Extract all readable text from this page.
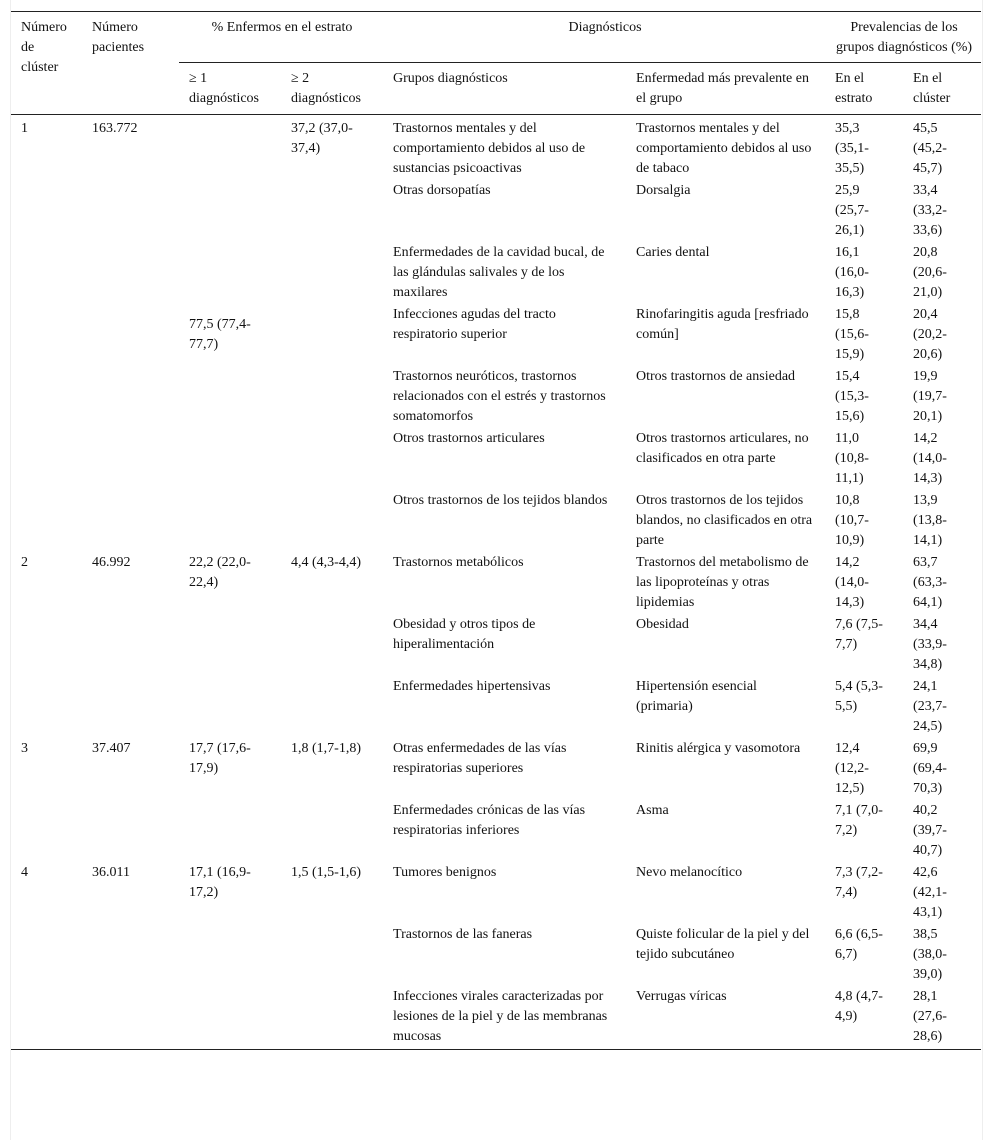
Número de clúster	Número pacientes	% Enfermos en el estrato		Diagnósticos		Prevalencias de los grupos diagnósticos (%)	
		≥ 1 diagnósticos	≥ 2 diagnósticos	Grupos diagnósticos	Enfermedad más prevalente en el grupo	En el estrato	En el clúster
1	163.772	77,5 (77,4-77,7)	37,2 (37,0-37,4)	Trastornos mentales y del comportamiento debidos al uso de sustancias psicoactivas	Trastornos mentales y del comportamiento debidos al uso de tabaco	35,3 (35,1-35,5)	45,5 (45,2-45,7)
				Otras dorsopatías	Dorsalgia	25,9 (25,7-26,1)	33,4 (33,2-33,6)
				Enfermedades de la cavidad bucal, de las glándulas salivales y de los maxilares	Caries dental	16,1 (16,0-16,3)	20,8 (20,6-21,0)
				Infecciones agudas del tracto respiratorio superior	Rinofaringitis aguda [resfriado común]	15,8 (15,6-15,9)	20,4 (20,2-20,6)
				Trastornos neuróticos, trastornos relacionados con el estrés y trastornos somatomorfos	Otros trastornos de ansiedad	15,4 (15,3-15,6)	19,9 (19,7-20,1)
				Otros trastornos articulares	Otros trastornos articulares, no clasificados en otra parte	11,0 (10,8-11,1)	14,2 (14,0-14,3)
				Otros trastornos de los tejidos blandos	Otros trastornos de los tejidos blandos, no clasificados en otra parte	10,8 (10,7-10,9)	13,9 (13,8-14,1)
2	46.992	22,2 (22,0-22,4)	4,4 (4,3-4,4)	Trastornos metabólicos	Trastornos del metabolismo de las lipoproteínas y otras lipidemias	14,2 (14,0-14,3)	63,7 (63,3-64,1)
				Obesidad y otros tipos de hiperalimentación	Obesidad	7,6 (7,5-7,7)	34,4 (33,9-34,8)
				Enfermedades hipertensivas	Hipertensión esencial (primaria)	5,4 (5,3-5,5)	24,1 (23,7-24,5)
3	37.407	17,7 (17,6-17,9)	1,8 (1,7-1,8)	Otras enfermedades de las vías respiratorias superiores	Rinitis alérgica y vasomotora	12,4 (12,2-12,5)	69,9 (69,4-70,3)
				Enfermedades crónicas de las vías respiratorias inferiores	Asma	7,1 (7,0-7,2)	40,2 (39,7-40,7)
4	36.011	17,1 (16,9-17,2)	1,5 (1,5-1,6)	Tumores benignos	Nevo melanocítico	7,3 (7,2-7,4)	42,6 (42,1-43,1)
				Trastornos de las faneras	Quiste folicular de la piel y del tejido subcutáneo	6,6 (6,5-6,7)	38,5 (38,0-39,0)
				Infecciones virales caracterizadas por lesiones de la piel y de las membranas mucosas	Verrugas víricas	4,8 (4,7-4,9)	28,1 (27,6-28,6)
